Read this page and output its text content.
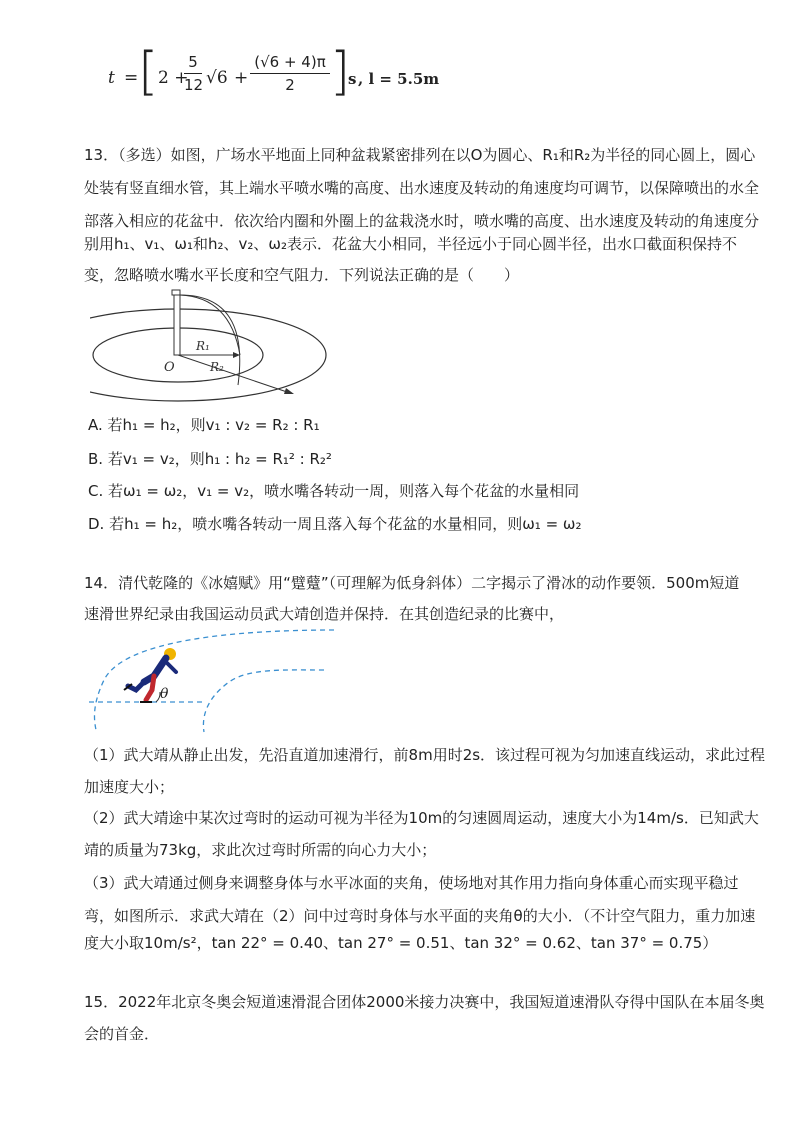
t = [ 2 +
5
12 √6 +
(√6 + 4)π
2 ]
s , l = 5.5m
13．（多选）如图，广场水平地面上同种盆栽紧密排列在以O为圆心、R₁和R₂为半径的同心圆上，圆心
处装有竖直细水管，其上端水平喷水嘴的高度、出水速度及转动的角速度均可调节，以保障喷出的水全
部落入相应的花盆中．依次给内圈和外圈上的盆栽浇水时，喷水嘴的高度、出水速度及转动的角速度分
别用h₁、v₁、ω₁和h₂、v₂、ω₂表示．花盆大小相同，半径远小于同心圆半径，出水口截面积保持不
变，忽略喷水嘴水平长度和空气阻力．下列说法正确的是（　　）
R₁
R₂
O
A. 若h₁ = h₂，则v₁ : v₂ = R₂ : R₁
B. 若v₁ = v₂，则h₁ : h₂ = R₁² : R₂²
C. 若ω₁ = ω₂，v₁ = v₂，喷水嘴各转动一周，则落入每个花盆的水量相同
D. 若h₁ = h₂，喷水嘴各转动一周且落入每个花盆的水量相同，则ω₁ = ω₂
14．清代乾隆的《冰嬉赋》用“躄躠”（可理解为低身斜体）二字揭示了滑冰的动作要领．500m短道
速滑世界纪录由我国运动员武大靖创造并保持．在其创造纪录的比赛中，
θ
（1）武大靖从静止出发，先沿直道加速滑行，前8m用时2s．该过程可视为匀加速直线运动，求此过程
加速度大小；
（2）武大靖途中某次过弯时的运动可视为半径为10m的匀速圆周运动，速度大小为14m/s．已知武大
靖的质量为73kg，求此次过弯时所需的向心力大小；
（3）武大靖通过侧身来调整身体与水平冰面的夹角，使场地对其作用力指向身体重心而实现平稳过
弯，如图所示．求武大靖在（2）问中过弯时身体与水平面的夹角θ的大小．（不计空气阻力，重力加速
度大小取10m/s²，tan 22° = 0.40、tan 27° = 0.51、tan 32° = 0.62、tan 37° = 0.75）
15．2022年北京冬奥会短道速滑混合团体2000米接力决赛中，我国短道速滑队夺得中国队在本届冬奥
会的首金．
